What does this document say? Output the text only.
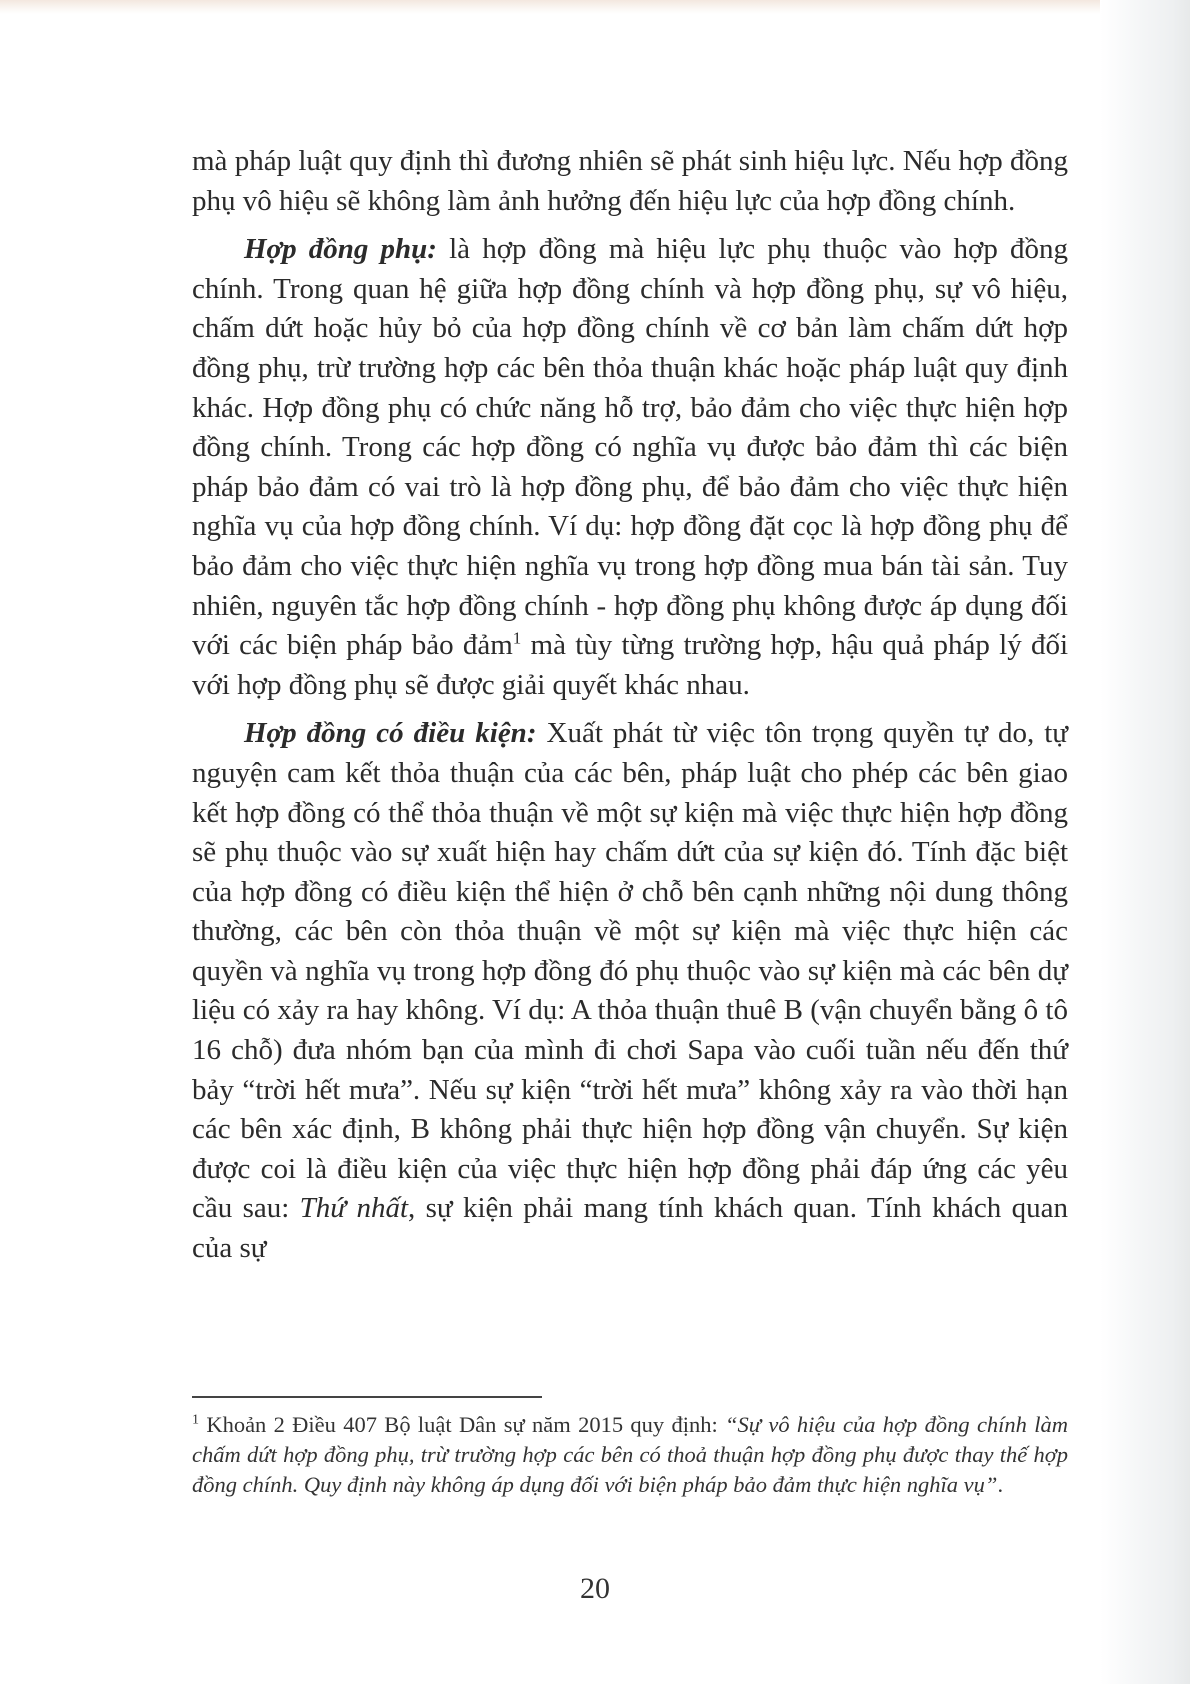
mà pháp luật quy định thì đương nhiên sẽ phát sinh hiệu lực. Nếu hợp đồng phụ vô hiệu sẽ không làm ảnh hưởng đến hiệu lực của hợp đồng chính.

Hợp đồng phụ: là hợp đồng mà hiệu lực phụ thuộc vào hợp đồng chính. Trong quan hệ giữa hợp đồng chính và hợp đồng phụ, sự vô hiệu, chấm dứt hoặc hủy bỏ của hợp đồng chính về cơ bản làm chấm dứt hợp đồng phụ, trừ trường hợp các bên thỏa thuận khác hoặc pháp luật quy định khác. Hợp đồng phụ có chức năng hỗ trợ, bảo đảm cho việc thực hiện hợp đồng chính. Trong các hợp đồng có nghĩa vụ được bảo đảm thì các biện pháp bảo đảm có vai trò là hợp đồng phụ, để bảo đảm cho việc thực hiện nghĩa vụ của hợp đồng chính. Ví dụ: hợp đồng đặt cọc là hợp đồng phụ để bảo đảm cho việc thực hiện nghĩa vụ trong hợp đồng mua bán tài sản. Tuy nhiên, nguyên tắc hợp đồng chính - hợp đồng phụ không được áp dụng đối với các biện pháp bảo đảm$^1$ mà tùy từng trường hợp, hậu quả pháp lý đối với hợp đồng phụ sẽ được giải quyết khác nhau.

Hợp đồng có điều kiện: Xuất phát từ việc tôn trọng quyền tự do, tự nguyện cam kết thỏa thuận của các bên, pháp luật cho phép các bên giao kết hợp đồng có thể thỏa thuận về một sự kiện mà việc thực hiện hợp đồng sẽ phụ thuộc vào sự xuất hiện hay chấm dứt của sự kiện đó. Tính đặc biệt của hợp đồng có điều kiện thể hiện ở chỗ bên cạnh những nội dung thông thường, các bên còn thỏa thuận về một sự kiện mà việc thực hiện các quyền và nghĩa vụ trong hợp đồng đó phụ thuộc vào sự kiện mà các bên dự liệu có xảy ra hay không. Ví dụ: A thỏa thuận thuê B (vận chuyển bằng ô tô 16 chỗ) đưa nhóm bạn của mình đi chơi Sapa vào cuối tuần nếu đến thứ bảy “trời hết mưa”. Nếu sự kiện “trời hết mưa” không xảy ra vào thời hạn các bên xác định, B không phải thực hiện hợp đồng vận chuyển. Sự kiện được coi là điều kiện của việc thực hiện hợp đồng phải đáp ứng các yêu cầu sau: Thứ nhất, sự kiện phải mang tính khách quan. Tính khách quan của sự

$^1$ Khoản 2 Điều 407 Bộ luật Dân sự năm 2015 quy định: “Sự vô hiệu của hợp đồng chính làm chấm dứt hợp đồng phụ, trừ trường hợp các bên có thoả thuận hợp đồng phụ được thay thế hợp đồng chính. Quy định này không áp dụng đối với biện pháp bảo đảm thực hiện nghĩa vụ”.
20
